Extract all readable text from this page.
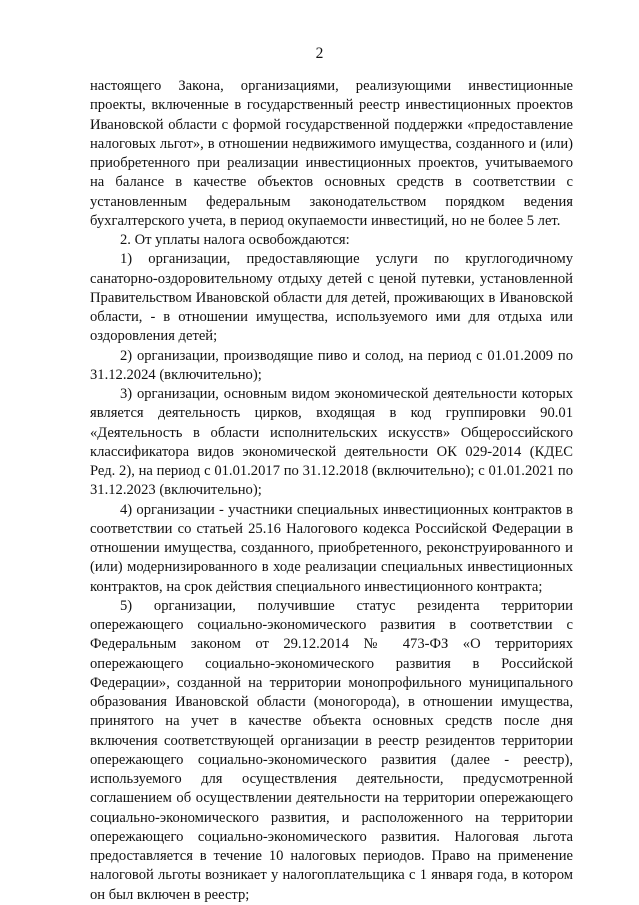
2

настоящего Закона, организациями, реализующими инвестиционные проекты, включенные в государственный реестр инвестиционных проектов Ивановской области с формой государственной поддержки «предоставление налоговых льгот», в отношении недвижимого имущества, созданного и (или) приобретенного при реализации инвестиционных проектов, учитываемого на балансе в качестве объектов основных средств в соответствии с установленным федеральным законодательством порядком ведения бухгалтерского учета, в период окупаемости инвестиций, но не более 5 лет.

2. От уплаты налога освобождаются:

1) организации, предоставляющие услуги по круглогодичному санаторно-оздоровительному отдыху детей с ценой путевки, установленной Правительством Ивановской области для детей, проживающих в Ивановской области, - в отношении имущества, используемого ими для отдыха или оздоровления детей;

2) организации, производящие пиво и солод, на период с 01.01.2009 по 31.12.2024 (включительно);

3) организации, основным видом экономической деятельности которых является деятельность цирков, входящая в код группировки 90.01 «Деятельность в области исполнительских искусств» Общероссийского классификатора видов экономической деятельности ОК 029-2014 (КДЕС Ред. 2), на период с 01.01.2017 по 31.12.2018 (включительно); с 01.01.2021 по 31.12.2023 (включительно);

4) организации - участники специальных инвестиционных контрактов в соответствии со статьей 25.16 Налогового кодекса Российской Федерации в отношении имущества, созданного, приобретенного, реконструированного и (или) модернизированного в ходе реализации специальных инвестиционных контрактов, на срок действия специального инвестиционного контракта;

5) организации, получившие статус резидента территории опережающего социально-экономического развития в соответствии с Федеральным законом от 29.12.2014 № 473-ФЗ «О территориях опережающего социально-экономического развития в Российской Федерации», созданной на территории монопрофильного муниципального образования Ивановской области (моногорода), в отношении имущества, принятого на учет в качестве объекта основных средств после дня включения соответствующей организации в реестр резидентов территории опережающего социально-экономического развития (далее - реестр), используемого для осуществления деятельности, предусмотренной соглашением об осуществлении деятельности на территории опережающего социально-экономического развития, и расположенного на территории опережающего социально-экономического развития. Налоговая льгота предоставляется в течение 10 налоговых периодов. Право на применение налоговой льготы возникает у налогоплательщика с 1 января года, в котором он был включен в реестр;
